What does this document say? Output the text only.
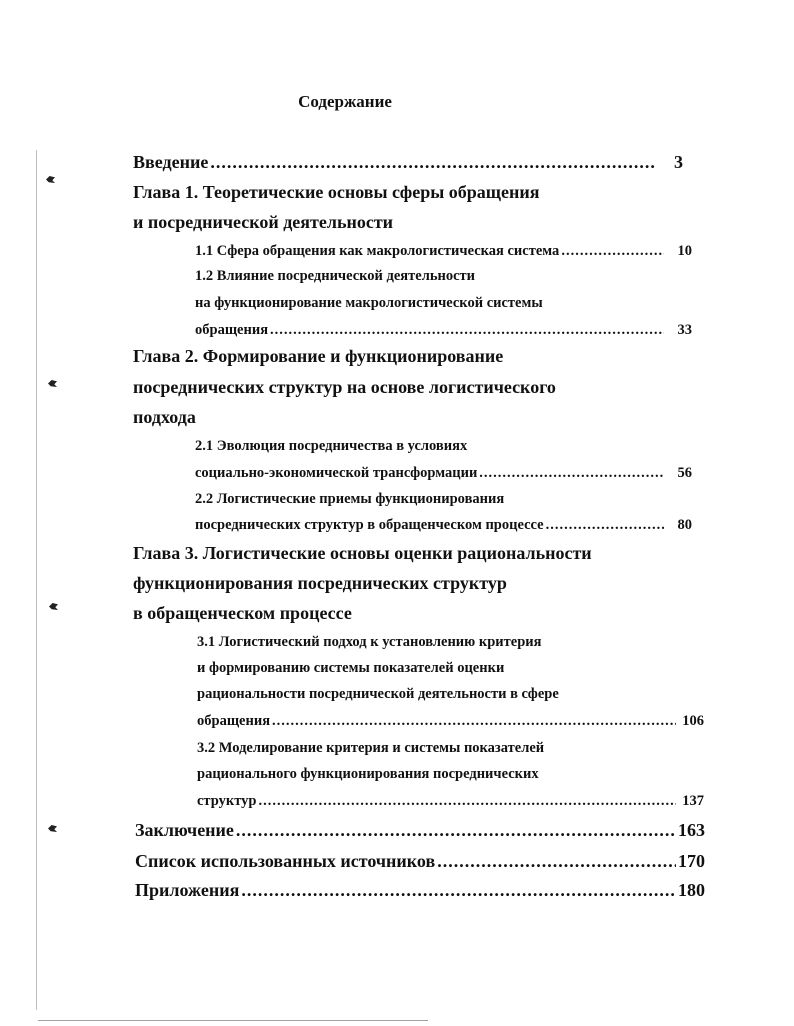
Содержание
Введение .....	3
Глава 1. Теоретические основы сферы обращения
и посреднической деятельности
1.1 Сфера обращения как макрологистическая система .....	10
1.2 Влияние посреднической деятельности
на функционирование макрологистической системы
обращения .....	33
Глава 2. Формирование и функционирование
посреднических структур на основе логистического
подхода
2.1 Эволюция посредничества в условиях
социально-экономической трансформации .....	56
2.2 Логистические приемы функционирования
посреднических структур в обращенческом процессе .....	80
Глава 3. Логистические основы оценки рациональности
функционирования посреднических структур
в обращенческом процессе
3.1 Логистический подход к установлению критерия
и формированию системы показателей оценки
рациональности посреднической деятельности в сфере
обращения .....	106
3.2 Моделирование критерия и системы показателей
рационального функционирования посреднических
структур .....	137
Заключение .....	163
Список использованных источников .....	170
Приложения .....	180
